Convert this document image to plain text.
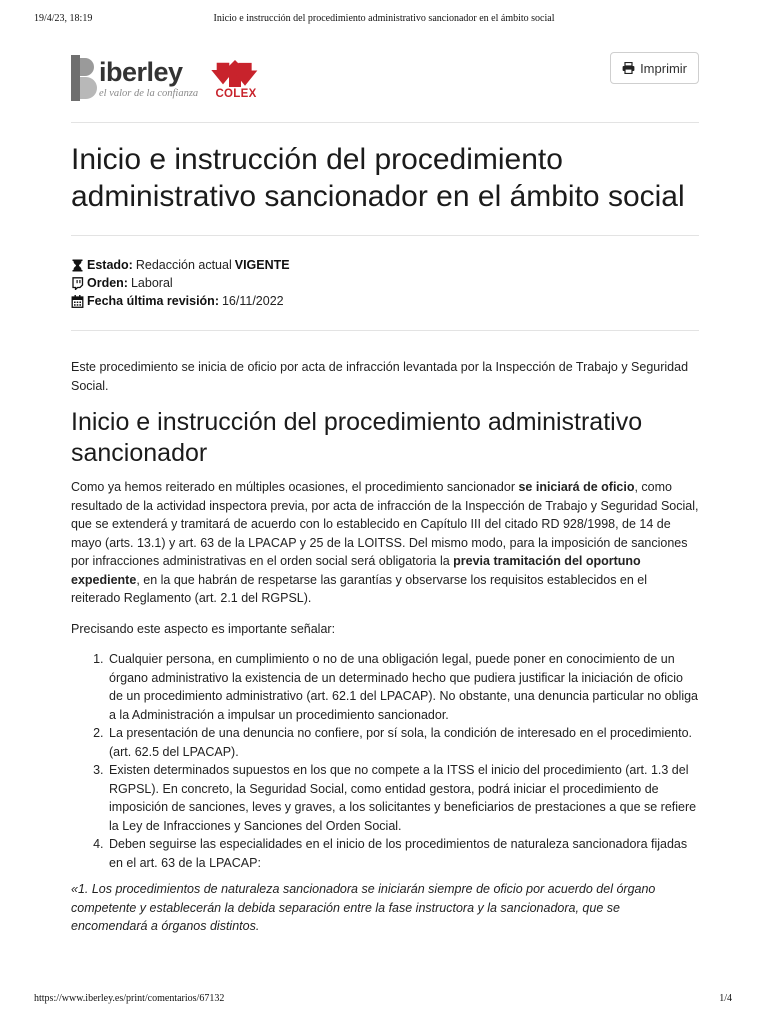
19/4/23, 18:19	Inicio e instrucción del procedimiento administrativo sancionador en el ámbito social
iberley
el valor de la confianza COLEX
Imprimir
Inicio e instrucción del procedimiento administrativo sancionador en el ámbito social
Estado: Redacción actual VIGENTE
Orden: Laboral
Fecha última revisión: 16/11/2022

Este procedimiento se inicia de oficio por acta de infracción levantada por la Inspección de Trabajo y Seguridad Social.

Inicio e instrucción del procedimiento administrativo sancionador

Como ya hemos reiterado en múltiples ocasiones, el procedimiento sancionador se iniciará de oficio, como resultado de la actividad inspectora previa, por acta de infracción de la Inspección de Trabajo y Seguridad Social, que se extenderá y tramitará de acuerdo con lo establecido en Capítulo III del citado RD 928/1998, de 14 de mayo (arts. 13.1) y art. 63 de la LPACAP y 25 de la LOITSS. Del mismo modo, para la imposición de sanciones por infracciones administrativas en el orden social será obligatoria la previa tramitación del oportuno expediente, en la que habrán de respetarse las garantías y observarse los requisitos establecidos en el reiterado Reglamento (art. 2.1 del RGPSL).

Precisando este aspecto es importante señalar:

1. Cualquier persona, en cumplimiento o no de una obligación legal, puede poner en conocimiento de un órgano administrativo la existencia de un determinado hecho que pudiera justificar la iniciación de oficio de un procedimiento administrativo (art. 62.1 del LPACAP). No obstante, una denuncia particular no obliga a la Administración a impulsar un procedimiento sancionador.
2. La presentación de una denuncia no confiere, por sí sola, la condición de interesado en el procedimiento. (art. 62.5 del LPACAP).
3. Existen determinados supuestos en los que no compete a la ITSS el inicio del procedimiento (art. 1.3 del RGPSL). En concreto, la Seguridad Social, como entidad gestora, podrá iniciar el procedimiento de imposición de sanciones, leves y graves, a los solicitantes y beneficiarios de prestaciones a que se refiere la Ley de Infracciones y Sanciones del Orden Social.
4. Deben seguirse las especialidades en el inicio de los procedimientos de naturaleza sancionadora fijadas en el art. 63 de la LPACAP:

«1. Los procedimientos de naturaleza sancionadora se iniciarán siempre de oficio por acuerdo del órgano competente y establecerán la debida separación entre la fase instructora y la sancionadora, que se encomendará a órganos distintos.

https://www.iberley.es/print/comentarios/67132	1/4
